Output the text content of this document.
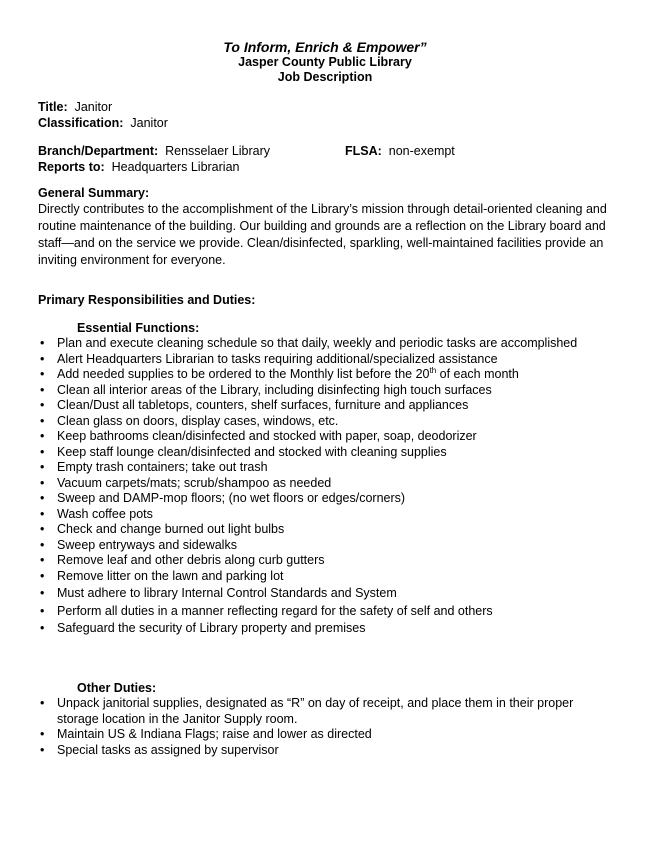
To Inform, Enrich & Empower”
Jasper County Public Library
Job Description
Title: Janitor
Classification: Janitor
Branch/Department: Rensselaer Library	FLSA: non-exempt
Reports to: Headquarters Librarian
General Summary:
Directly contributes to the accomplishment of the Library’s mission through detail-oriented cleaning and routine maintenance of the building. Our building and grounds are a reflection on the Library board and staff—and on the service we provide. Clean/disinfected, sparkling, well-maintained facilities provide an inviting environment for everyone.
Primary Responsibilities and Duties:
Essential Functions:
• Plan and execute cleaning schedule so that daily, weekly and periodic tasks are accomplished
• Alert Headquarters Librarian to tasks requiring additional/specialized assistance
• Add needed supplies to be ordered to the Monthly list before the 20th of each month
• Clean all interior areas of the Library, including disinfecting high touch surfaces
• Clean/Dust all tabletops, counters, shelf surfaces, furniture and appliances
• Clean glass on doors, display cases, windows, etc.
• Keep bathrooms clean/disinfected and stocked with paper, soap, deodorizer
• Keep staff lounge clean/disinfected and stocked with cleaning supplies
• Empty trash containers; take out trash
• Vacuum carpets/mats; scrub/shampoo as needed
• Sweep and DAMP-mop floors; (no wet floors or edges/corners)
• Wash coffee pots
• Check and change burned out light bulbs
• Sweep entryways and sidewalks
• Remove leaf and other debris along curb gutters
• Remove litter on the lawn and parking lot
• Must adhere to library Internal Control Standards and System
• Perform all duties in a manner reflecting regard for the safety of self and others
• Safeguard the security of Library property and premises
Other Duties:
• Unpack janitorial supplies, designated as “R” on day of receipt, and place them in their proper storage location in the Janitor Supply room.
• Maintain US & Indiana Flags; raise and lower as directed
• Special tasks as assigned by supervisor
